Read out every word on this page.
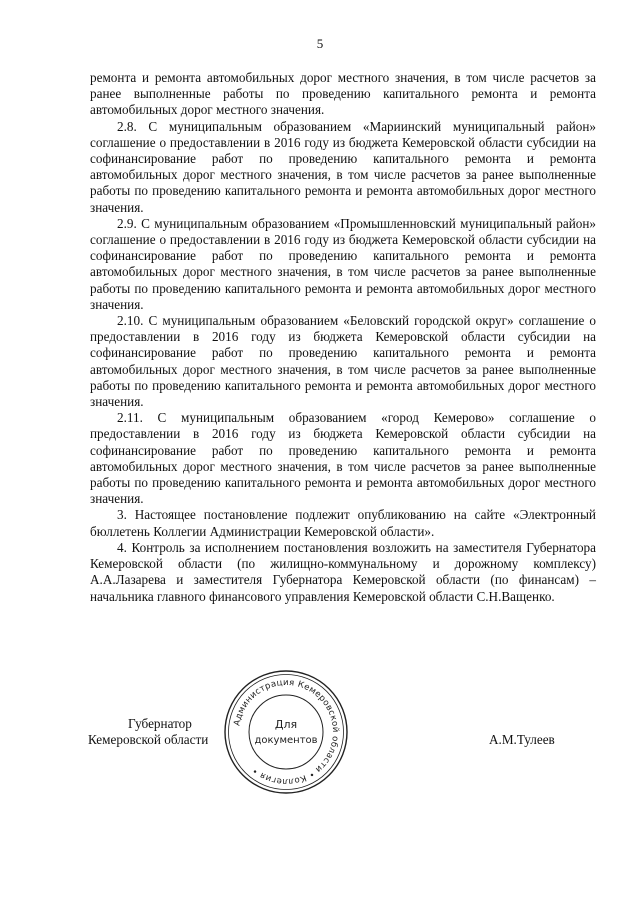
5

ремонта и ремонта автомобильных дорог местного значения, в том числе расчетов за ранее выполненные работы по проведению капитального ремонта и ремонта автомобильных дорог местного значения.

2.8. С муниципальным образованием «Мариинский муниципальный район» соглашение о предоставлении в 2016 году из бюджета Кемеровской области субсидии на софинансирование работ по проведению капитального ремонта и ремонта автомобильных дорог местного значения, в том числе расчетов за ранее выполненные работы по проведению капитального ремонта и ремонта автомобильных дорог местного значения.

2.9. С муниципальным образованием «Промышленновский муниципальный район» соглашение о предоставлении в 2016 году из бюджета Кемеровской области субсидии на софинансирование работ по проведению капитального ремонта и ремонта автомобильных дорог местного значения, в том числе расчетов за ранее выполненные работы по проведению капитального ремонта и ремонта автомобильных дорог местного значения.

2.10. С муниципальным образованием «Беловский городской округ» соглашение о предоставлении в 2016 году из бюджета Кемеровской области субсидии на софинансирование работ по проведению капитального ремонта и ремонта автомобильных дорог местного значения, в том числе расчетов за ранее выполненные работы по проведению капитального ремонта и ремонта автомобильных дорог местного значения.

2.11. С муниципальным образованием «город Кемерово» соглашение о предоставлении в 2016 году из бюджета Кемеровской области субсидии на софинансирование работ по проведению капитального ремонта и ремонта автомобильных дорог местного значения, в том числе расчетов за ранее выполненные работы по проведению капитального ремонта и ремонта автомобильных дорог местного значения.

3. Настоящее постановление подлежит опубликованию на сайте «Электронный бюллетень Коллегии Администрации Кемеровской области».

4. Контроль за исполнением постановления возложить на заместителя Губернатора Кемеровской области (по жилищно-коммунальному и дорожному комплексу) А.А.Лазарева и заместителя Губернатора Кемеровской области (по финансам) – начальника главного финансового управления Кемеровской области С.Н.Ващенко.

Губернатор
Кемеровской области	А.М.Тулеев
Администрация Кемеровской области • Коллегия •
Для
документов
